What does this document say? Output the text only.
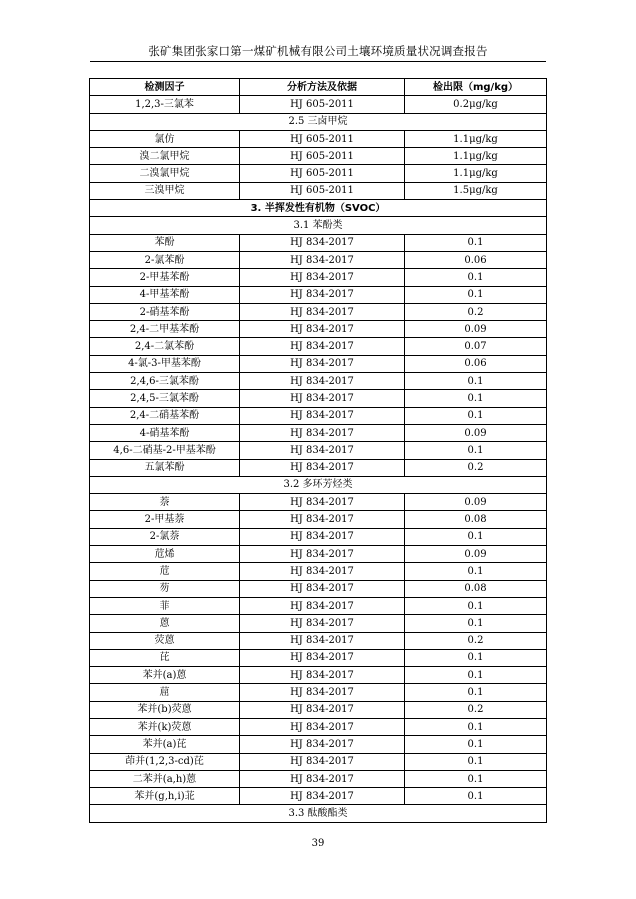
张矿集团张家口第一煤矿机械有限公司土壤环境质量状况调查报告
检测因子	分析方法及依据	检出限（mg/kg）
1,2,3-三氯苯	HJ 605-2011	0.2μg/kg
2.5 三卤甲烷		
氯仿	HJ 605-2011	1.1μg/kg
溴二氯甲烷	HJ 605-2011	1.1μg/kg
二溴氯甲烷	HJ 605-2011	1.1μg/kg
三溴甲烷	HJ 605-2011	1.5μg/kg
3. 半挥发性有机物（SVOC）		
3.1 苯酚类		
苯酚	HJ 834-2017	0.1
2-氯苯酚	HJ 834-2017	0.06
2-甲基苯酚	HJ 834-2017	0.1
4-甲基苯酚	HJ 834-2017	0.1
2-硝基苯酚	HJ 834-2017	0.2
2,4-二甲基苯酚	HJ 834-2017	0.09
2,4-二氯苯酚	HJ 834-2017	0.07
4-氯-3-甲基苯酚	HJ 834-2017	0.06
2,4,6-三氯苯酚	HJ 834-2017	0.1
2,4,5-三氯苯酚	HJ 834-2017	0.1
2,4-二硝基苯酚	HJ 834-2017	0.1
4-硝基苯酚	HJ 834-2017	0.09
4,6-二硝基-2-甲基苯酚	HJ 834-2017	0.1
五氯苯酚	HJ 834-2017	0.2
3.2 多环芳烃类		
萘	HJ 834-2017	0.09
2-甲基萘	HJ 834-2017	0.08
2-氯萘	HJ 834-2017	0.1
苊烯	HJ 834-2017	0.09
苊	HJ 834-2017	0.1
芴	HJ 834-2017	0.08
菲	HJ 834-2017	0.1
蒽	HJ 834-2017	0.1
荧蒽	HJ 834-2017	0.2
芘	HJ 834-2017	0.1
苯并(a)蒽	HJ 834-2017	0.1
䓛	HJ 834-2017	0.1
苯并(b)荧蒽	HJ 834-2017	0.2
苯并(k)荧蒽	HJ 834-2017	0.1
苯并(a)芘	HJ 834-2017	0.1
茚并(1,2,3-cd)芘	HJ 834-2017	0.1
二苯并(a,h)蒽	HJ 834-2017	0.1
苯并(g,h,i)苝	HJ 834-2017	0.1
3.3 酞酸酯类		
39
